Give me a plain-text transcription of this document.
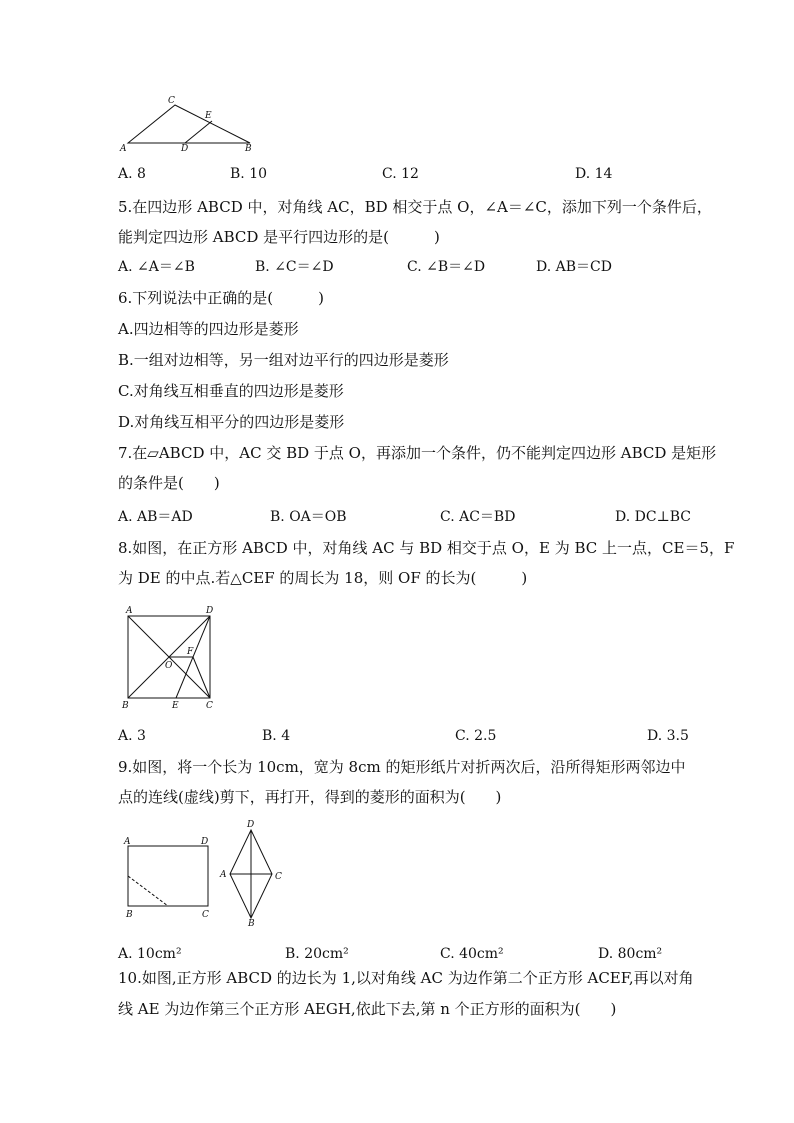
C
E
A	D	B
A. 8	B. 10	C. 12	D. 14
5.在四边形 ABCD 中，对角线 AC，BD 相交于点 O，∠A＝∠C，添加下列一个条件后，
能判定四边形 ABCD 是平行四边形的是(　　　)
A. ∠A＝∠B	B. ∠C＝∠D	C. ∠B＝∠D	D. AB＝CD
6.下列说法中正确的是(　　　)
A.四边相等的四边形是菱形
B.一组对边相等，另一组对边平行的四边形是菱形
C.对角线互相垂直的四边形是菱形
D.对角线互相平分的四边形是菱形
7.在▱ABCD 中，AC 交 BD 于点 O，再添加一个条件，仍不能判定四边形 ABCD 是矩形
的条件是(　　)
A. AB＝AD	B. OA＝OB	C. AC＝BD	D. DC⊥BC
8.如图，在正方形 ABCD 中，对角线 AC 与 BD 相交于点 O，E 为 BC 上一点，CE＝5，F
为 DE 的中点.若△CEF 的周长为 18，则 OF 的长为(　　　)
A	D
F
O
B	E	C
A. 3	B. 4	C. 2.5	D. 3.5
9.如图，将一个长为 10cm，宽为 8cm 的矩形纸片对折两次后，沿所得矩形两邻边中
点的连线(虚线)剪下，再打开，得到的菱形的面积为(　　)
A	D
B	C
D
A	C
B
A. 10cm²	B. 20cm²	C. 40cm²	D. 80cm²
10.如图,正方形 ABCD 的边长为 1,以对角线 AC 为边作第二个正方形 ACEF,再以对角
线 AE 为边作第三个正方形 AEGH,依此下去,第 n 个正方形的面积为(　　)
